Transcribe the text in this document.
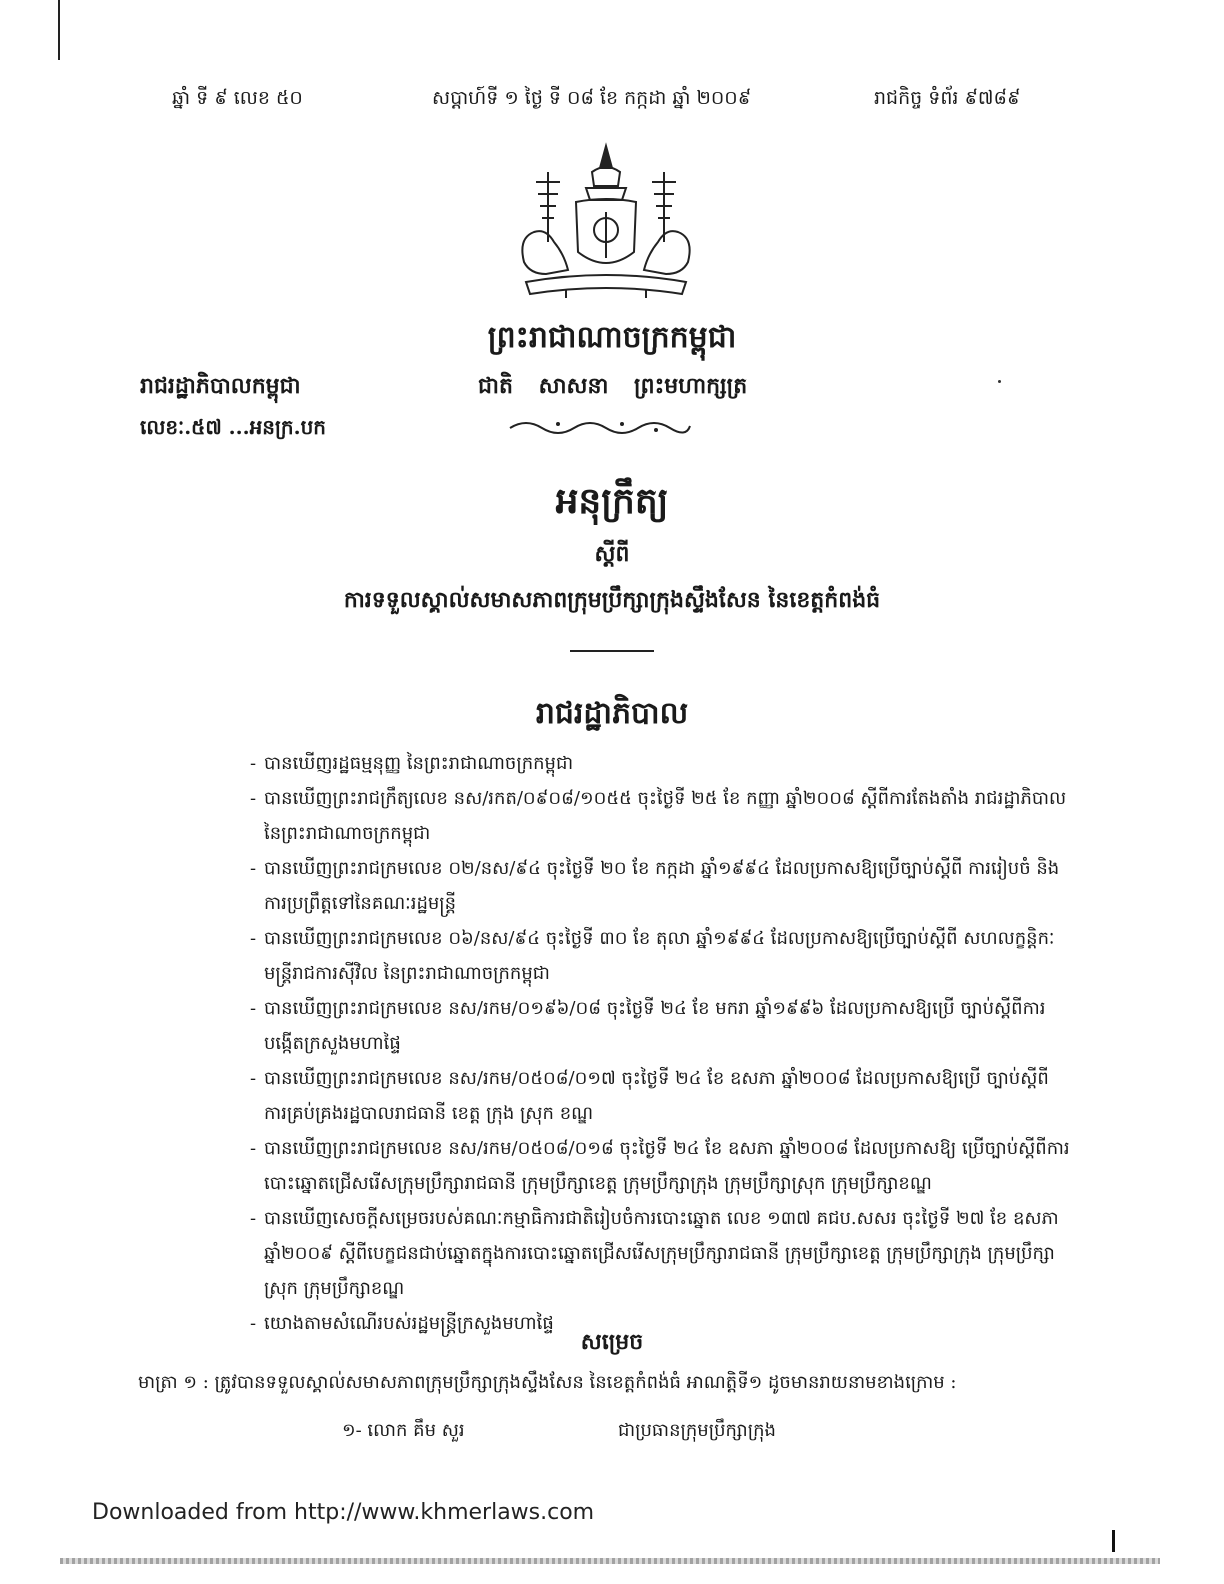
ឆ្នាំ ទី ៩ លេខ ៥០	សប្ដាហ៍ទី ១ ថ្ងៃ ទី ០៨ ខែ កក្កដា ឆ្នាំ ២០០៩	រាជកិច្ច ទំព័រ ៩៧៨៩
ព្រះរាជាណាចក្រកម្ពុជា
រាជរដ្ឋាភិបាលកម្ពុជា	ជាតិ សាសនា ព្រះមហាក្សត្រ
លេខៈ.៥៧ ...អនក្រ.បក
អនុក្រឹត្យ
ស្ដីពី
ការទទួលស្គាល់សមាសភាពក្រុមប្រឹក្សាក្រុងស្ទឹងសែន នៃខេត្តកំពង់ធំ
រាជរដ្ឋាភិបាល
- បានឃើញរដ្ឋធម្មនុញ្ញ នៃព្រះរាជាណាចក្រកម្ពុជា
- បានឃើញព្រះរាជក្រឹត្យលេខ នស/រកត/០៩០៨/១០៥៥ ចុះថ្ងៃទី ២៥ ខែ កញ្ញា ឆ្នាំ២០០៨ ស្ដីពីការតែងតាំង រាជរដ្ឋាភិបាល នៃព្រះរាជាណាចក្រកម្ពុជា
- បានឃើញព្រះរាជក្រមលេខ ០២/នស/៩៤ ចុះថ្ងៃទី ២០ ខែ កក្កដា ឆ្នាំ១៩៩៤ ដែលប្រកាសឱ្យប្រើច្បាប់ស្ដីពី ការរៀបចំ និងការប្រព្រឹត្តទៅនៃគណៈរដ្ឋមន្ត្រី
- បានឃើញព្រះរាជក្រមលេខ ០៦/នស/៩៤ ចុះថ្ងៃទី ៣០ ខែ តុលា ឆ្នាំ១៩៩៤ ដែលប្រកាសឱ្យប្រើច្បាប់ស្ដីពី សហលក្ខន្តិកៈមន្ត្រីរាជការស៊ីវិល នៃព្រះរាជាណាចក្រកម្ពុជា
- បានឃើញព្រះរាជក្រមលេខ នស/រកម/០១៩៦/០៨ ចុះថ្ងៃទី ២៤ ខែ មករា ឆ្នាំ១៩៩៦ ដែលប្រកាសឱ្យប្រើ ច្បាប់ស្ដីពីការបង្កើតក្រសួងមហាផ្ទៃ
- បានឃើញព្រះរាជក្រមលេខ នស/រកម/០៥០៨/០១៧ ចុះថ្ងៃទី ២៤ ខែ ឧសភា ឆ្នាំ២០០៨ ដែលប្រកាសឱ្យប្រើ ច្បាប់ស្ដីពីការគ្រប់គ្រងរដ្ឋបាលរាជធានី ខេត្ត ក្រុង ស្រុក ខណ្ឌ
- បានឃើញព្រះរាជក្រមលេខ នស/រកម/០៥០៨/០១៨ ចុះថ្ងៃទី ២៤ ខែ ឧសភា ឆ្នាំ២០០៨ ដែលប្រកាសឱ្យ ប្រើច្បាប់ស្ដីពីការបោះឆ្នោតជ្រើសរើសក្រុមប្រឹក្សារាជធានី ក្រុមប្រឹក្សាខេត្ត ក្រុមប្រឹក្សាក្រុង ក្រុមប្រឹក្សាស្រុក ក្រុមប្រឹក្សាខណ្ឌ
- បានឃើញសេចក្ដីសម្រេចរបស់គណៈកម្មាធិការជាតិរៀបចំការបោះឆ្នោត លេខ ១៣៧ គជប.សសរ ចុះថ្ងៃទី ២៧ ខែ ឧសភា ឆ្នាំ២០០៩ ស្ដីពីបេក្ខជនជាប់ឆ្នោតក្នុងការបោះឆ្នោតជ្រើសរើសក្រុមប្រឹក្សារាជធានី ក្រុមប្រឹក្សាខេត្ត ក្រុមប្រឹក្សាក្រុង ក្រុមប្រឹក្សាស្រុក ក្រុមប្រឹក្សាខណ្ឌ
- យោងតាមសំណើរបស់រដ្ឋមន្ត្រីក្រសួងមហាផ្ទៃ
សម្រេច
មាត្រា ១ : ត្រូវបានទទួលស្គាល់សមាសភាពក្រុមប្រឹក្សាក្រុងស្ទឹងសែន នៃខេត្តកំពង់ធំ អាណត្តិទី១ ដូចមានរាយនាមខាងក្រោម :
១- លោក គឹម សួរ	ជាប្រធានក្រុមប្រឹក្សាក្រុង
Downloaded from http://www.khmerlaws.com
